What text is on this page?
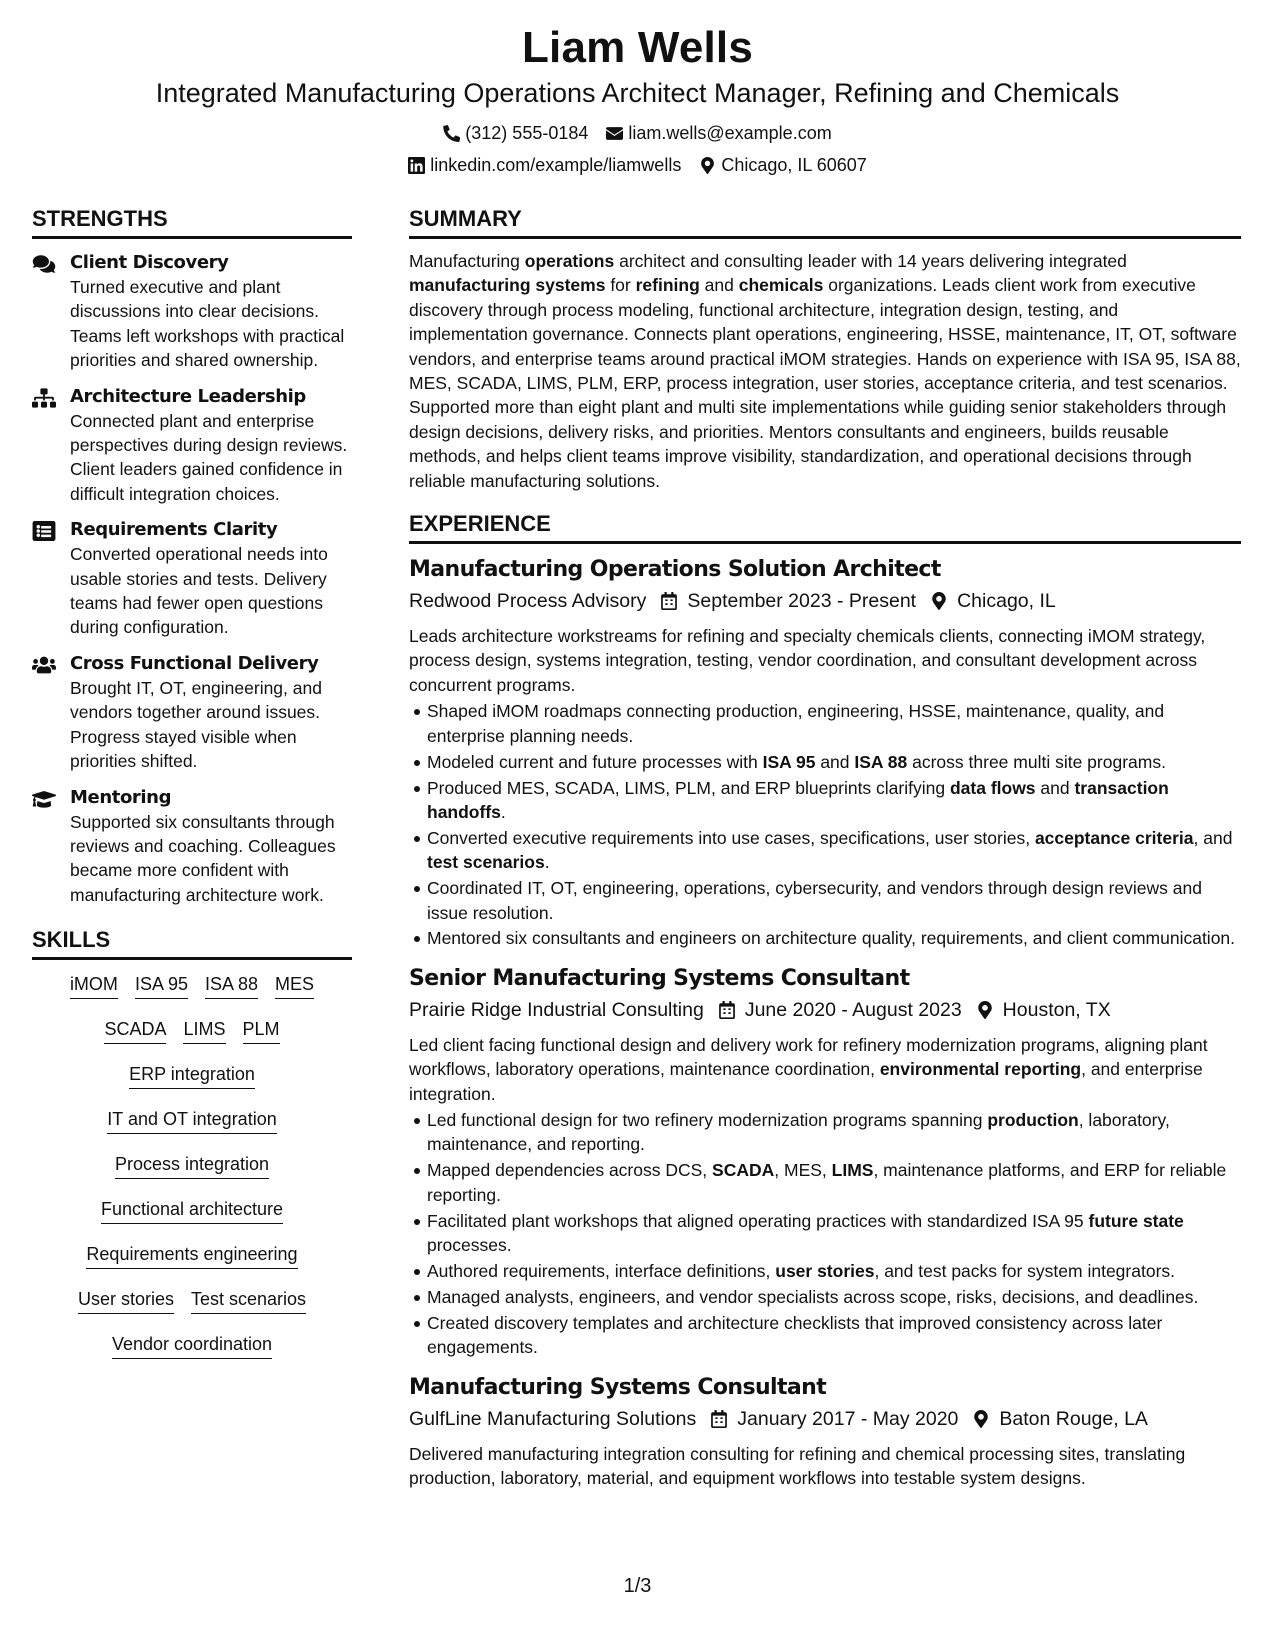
Liam Wells
Integrated Manufacturing Operations Architect Manager, Refining and Chemicals
(312) 555-0184 liam.wells@example.com
linkedin.com/example/liamwells Chicago, IL 60607
STRENGTHS
Client Discovery
Turned executive and plant discussions into clear decisions. Teams left workshops with practical priorities and shared ownership.
Architecture Leadership
Connected plant and enterprise perspectives during design reviews. Client leaders gained confidence in difficult integration choices.
Requirements Clarity
Converted operational needs into usable stories and tests. Delivery teams had fewer open questions during configuration.
Cross Functional Delivery
Brought IT, OT, engineering, and vendors together around issues. Progress stayed visible when priorities shifted.
Mentoring
Supported six consultants through reviews and coaching. Colleagues became more confident with manufacturing architecture work.
SKILLS
iMOM ISA 95 ISA 88 MES
SCADA LIMS PLM
ERP integration
IT and OT integration
Process integration
Functional architecture
Requirements engineering
User stories Test scenarios
Vendor coordination
SUMMARY
Manufacturing operations architect and consulting leader with 14 years delivering integrated manufacturing systems for refining and chemicals organizations. Leads client work from executive discovery through process modeling, functional architecture, integration design, testing, and implementation governance. Connects plant operations, engineering, HSSE, maintenance, IT, OT, software vendors, and enterprise teams around practical iMOM strategies. Hands on experience with ISA 95, ISA 88, MES, SCADA, LIMS, PLM, ERP, process integration, user stories, acceptance criteria, and test scenarios. Supported more than eight plant and multi site implementations while guiding senior stakeholders through design decisions, delivery risks, and priorities. Mentors consultants and engineers, builds reusable methods, and helps client teams improve visibility, standardization, and operational decisions through reliable manufacturing solutions.
EXPERIENCE
Manufacturing Operations Solution Architect
Redwood Process Advisory September 2023 - Present Chicago, IL
Leads architecture workstreams for refining and specialty chemicals clients, connecting iMOM strategy, process design, systems integration, testing, vendor coordination, and consultant development across concurrent programs.
Shaped iMOM roadmaps connecting production, engineering, HSSE, maintenance, quality, and enterprise planning needs.
Modeled current and future processes with ISA 95 and ISA 88 across three multi site programs.
Produced MES, SCADA, LIMS, PLM, and ERP blueprints clarifying data flows and transaction handoffs.
Converted executive requirements into use cases, specifications, user stories, acceptance criteria, and test scenarios.
Coordinated IT, OT, engineering, operations, cybersecurity, and vendors through design reviews and issue resolution.
Mentored six consultants and engineers on architecture quality, requirements, and client communication.
Senior Manufacturing Systems Consultant
Prairie Ridge Industrial Consulting June 2020 - August 2023 Houston, TX
Led client facing functional design and delivery work for refinery modernization programs, aligning plant workflows, laboratory operations, maintenance coordination, environmental reporting, and enterprise integration.
Led functional design for two refinery modernization programs spanning production, laboratory, maintenance, and reporting.
Mapped dependencies across DCS, SCADA, MES, LIMS, maintenance platforms, and ERP for reliable reporting.
Facilitated plant workshops that aligned operating practices with standardized ISA 95 future state processes.
Authored requirements, interface definitions, user stories, and test packs for system integrators.
Managed analysts, engineers, and vendor specialists across scope, risks, decisions, and deadlines.
Created discovery templates and architecture checklists that improved consistency across later engagements.
Manufacturing Systems Consultant
GulfLine Manufacturing Solutions January 2017 - May 2020 Baton Rouge, LA
Delivered manufacturing integration consulting for refining and chemical processing sites, translating production, laboratory, material, and equipment workflows into testable system designs.
1/3
